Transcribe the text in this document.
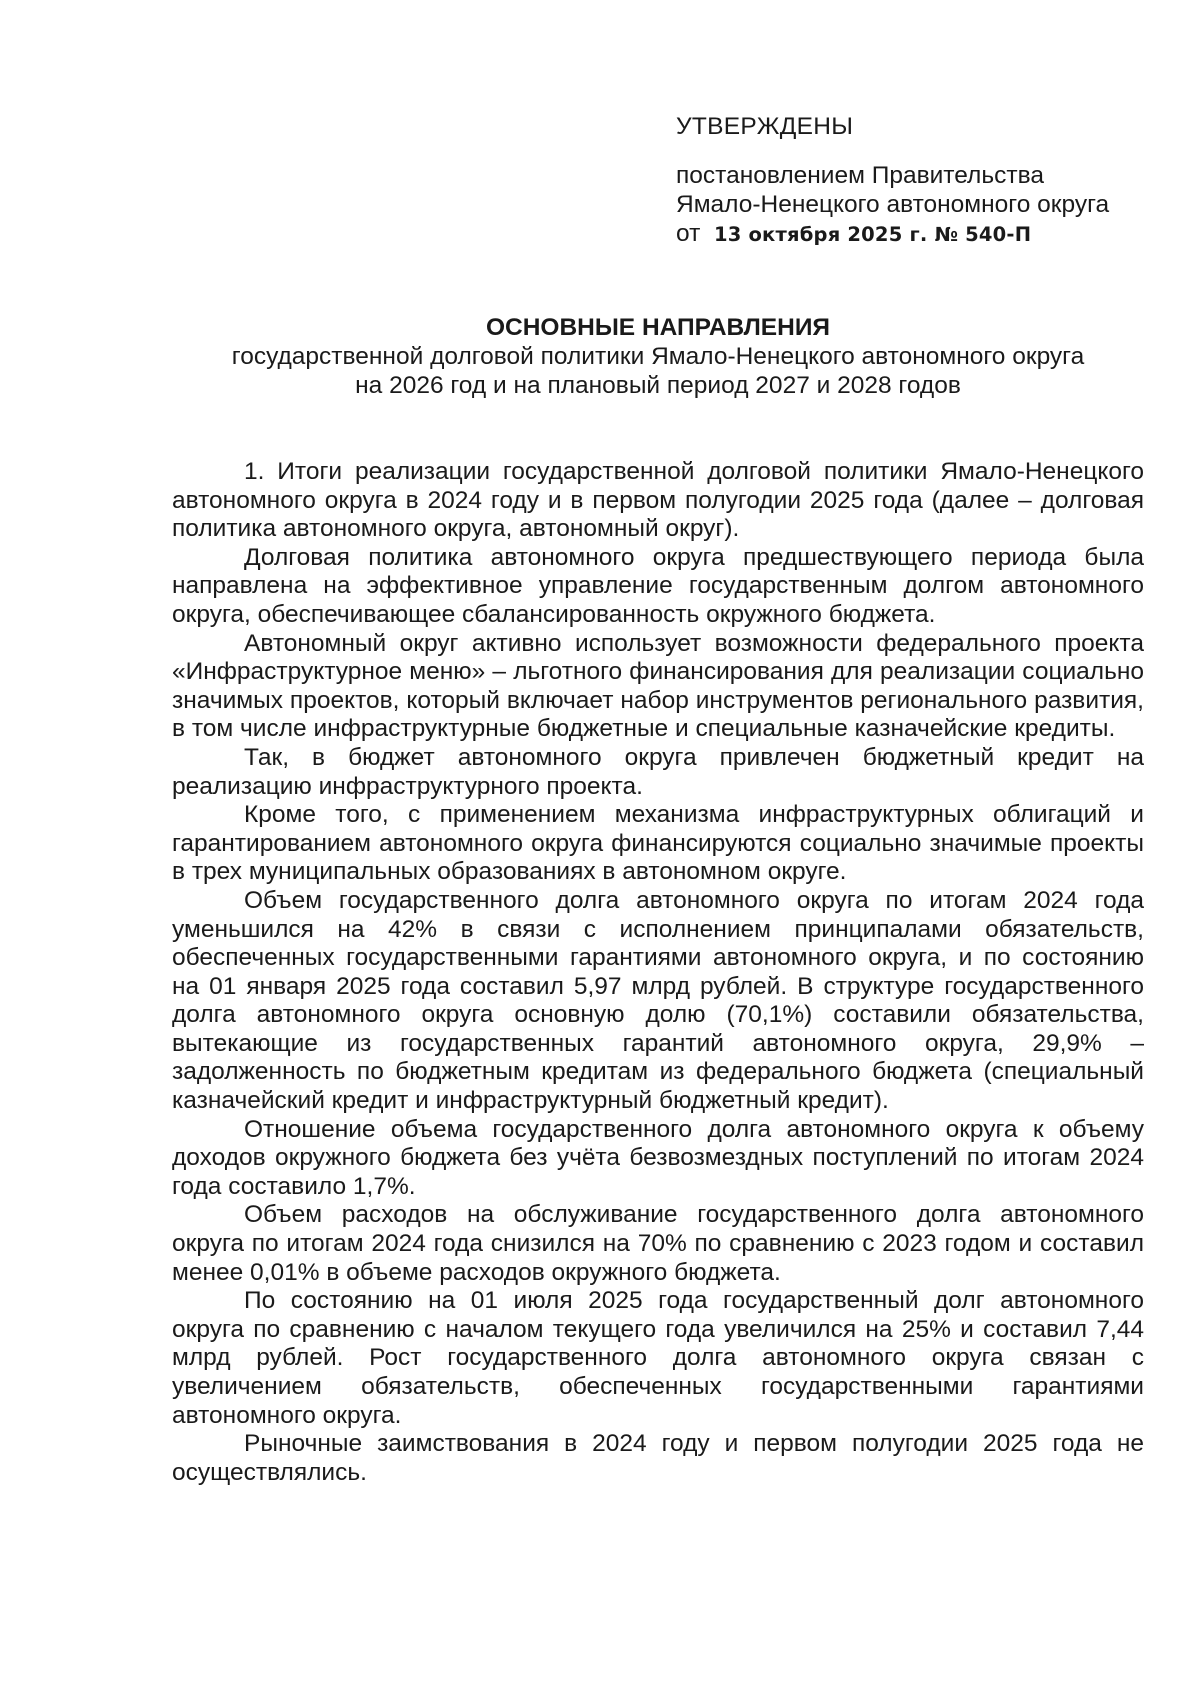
УТВЕРЖДЕНЫ

постановлением Правительства

Ямало-Ненецкого автономного округа

от 13 октября 2025 г. № 540-П

ОСНОВНЫЕ НАПРАВЛЕНИЯ

государственной долговой политики Ямало-Ненецкого автономного округа

на 2026 год и на плановый период 2027 и 2028 годов

1. Итоги реализации государственной долговой политики Ямало-Ненецкого автономного округа в 2024 году и в первом полугодии 2025 года (далее – долговая политика автономного округа, автономный округ).

Долговая политика автономного округа предшествующего периода была направлена на эффективное управление государственным долгом автономного округа, обеспечивающее сбалансированность окружного бюджета.

Автономный округ активно использует возможности федерального проекта «Инфраструктурное меню» – льготного финансирования для реализации социально значимых проектов, который включает набор инструментов регионального развития, в том числе инфраструктурные бюджетные и специальные казначейские кредиты.

Так, в бюджет автономного округа привлечен бюджетный кредит на реализацию инфраструктурного проекта.

Кроме того, с применением механизма инфраструктурных облигаций и гарантированием автономного округа финансируются социально значимые проекты в трех муниципальных образованиях в автономном округе.

Объем государственного долга автономного округа по итогам 2024 года уменьшился на 42% в связи с исполнением принципалами обязательств, обеспеченных государственными гарантиями автономного округа, и по состоянию на 01 января 2025 года составил 5,97 млрд рублей. В структуре государственного долга автономного округа основную долю (70,1%) составили обязательства, вытекающие из государственных гарантий автономного округа, 29,9% – задолженность по бюджетным кредитам из федерального бюджета (специальный казначейский кредит и инфраструктурный бюджетный кредит).

Отношение объема государственного долга автономного округа к объему доходов окружного бюджета без учёта безвозмездных поступлений по итогам 2024 года составило 1,7%.

Объем расходов на обслуживание государственного долга автономного округа по итогам 2024 года снизился на 70% по сравнению с 2023 годом и составил менее 0,01% в объеме расходов окружного бюджета.

По состоянию на 01 июля 2025 года государственный долг автономного округа по сравнению с началом текущего года увеличился на 25% и составил 7,44 млрд рублей. Рост государственного долга автономного округа связан с увеличением обязательств, обеспеченных государственными гарантиями автономного округа.

Рыночные заимствования в 2024 году и первом полугодии 2025 года не осуществлялись.
